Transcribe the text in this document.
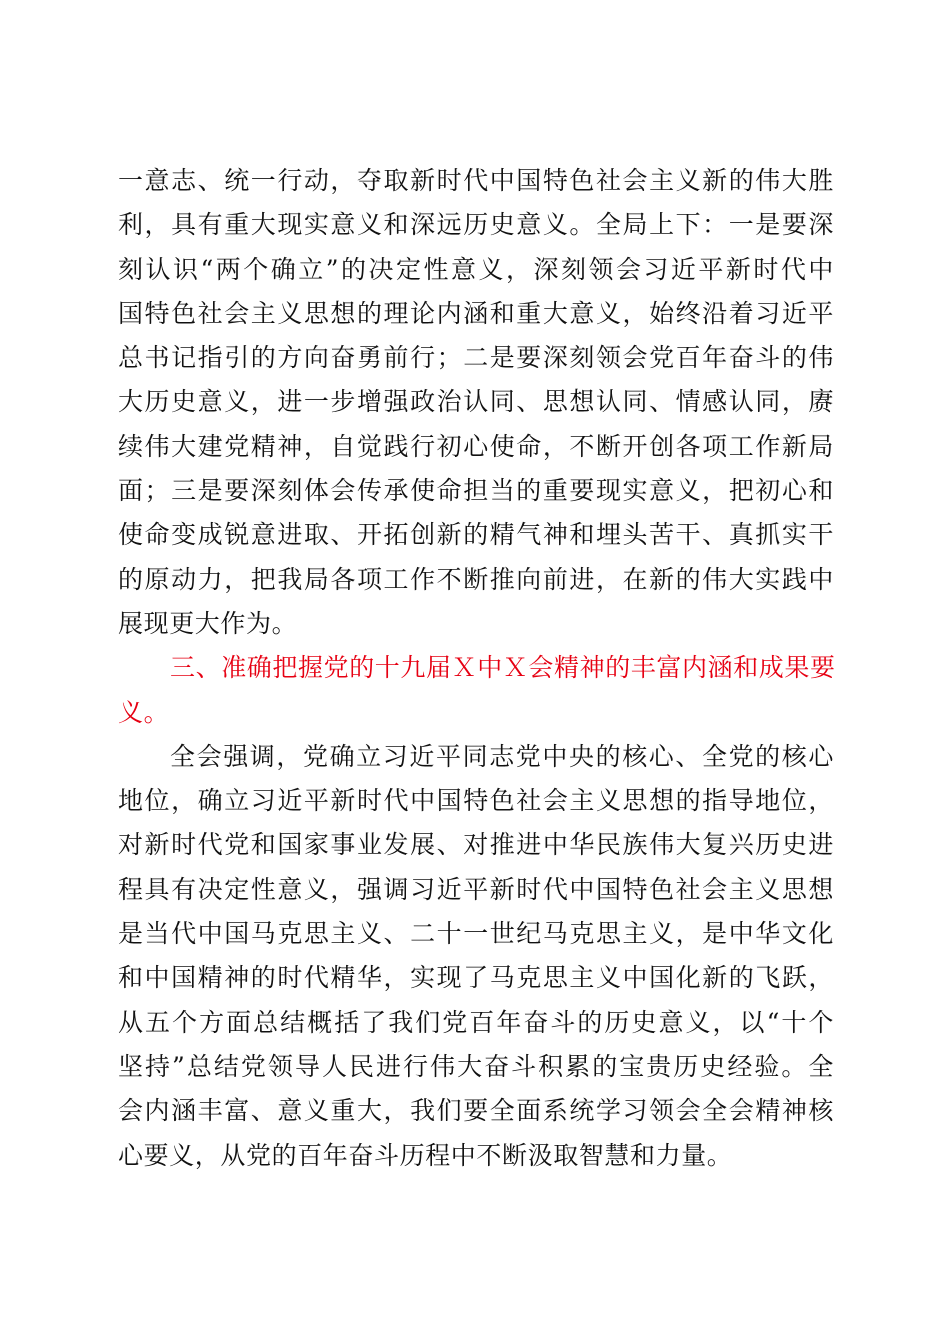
一意志、统一行动，夺取新时代中国特色社会主义新的伟大胜
利，具有重大现实意义和深远历史意义。全局上下：一是要深
刻认识“两个确立”的决定性意义，深刻领会习近平新时代中
国特色社会主义思想的理论内涵和重大意义，始终沿着习近平
总书记指引的方向奋勇前行；二是要深刻领会党百年奋斗的伟
大历史意义，进一步增强政治认同、思想认同、情感认同，赓
续伟大建党精神，自觉践行初心使命，不断开创各项工作新局
面；三是要深刻体会传承使命担当的重要现实意义，把初心和
使命变成锐意进取、开拓创新的精气神和埋头苦干、真抓实干
的原动力，把我局各项工作不断推向前进，在新的伟大实践中
展现更大作为。
三、准确把握党的十九届Ｘ中Ｘ会精神的丰富内涵和成果要
义。
全会强调，党确立习近平同志党中央的核心、全党的核心
地位，确立习近平新时代中国特色社会主义思想的指导地位，
对新时代党和国家事业发展、对推进中华民族伟大复兴历史进
程具有决定性意义，强调习近平新时代中国特色社会主义思想
是当代中国马克思主义、二十一世纪马克思主义，是中华文化
和中国精神的时代精华，实现了马克思主义中国化新的飞跃，
从五个方面总结概括了我们党百年奋斗的历史意义，以“十个
坚持”总结党领导人民进行伟大奋斗积累的宝贵历史经验。全
会内涵丰富、意义重大，我们要全面系统学习领会全会精神核
心要义，从党的百年奋斗历程中不断汲取智慧和力量。
